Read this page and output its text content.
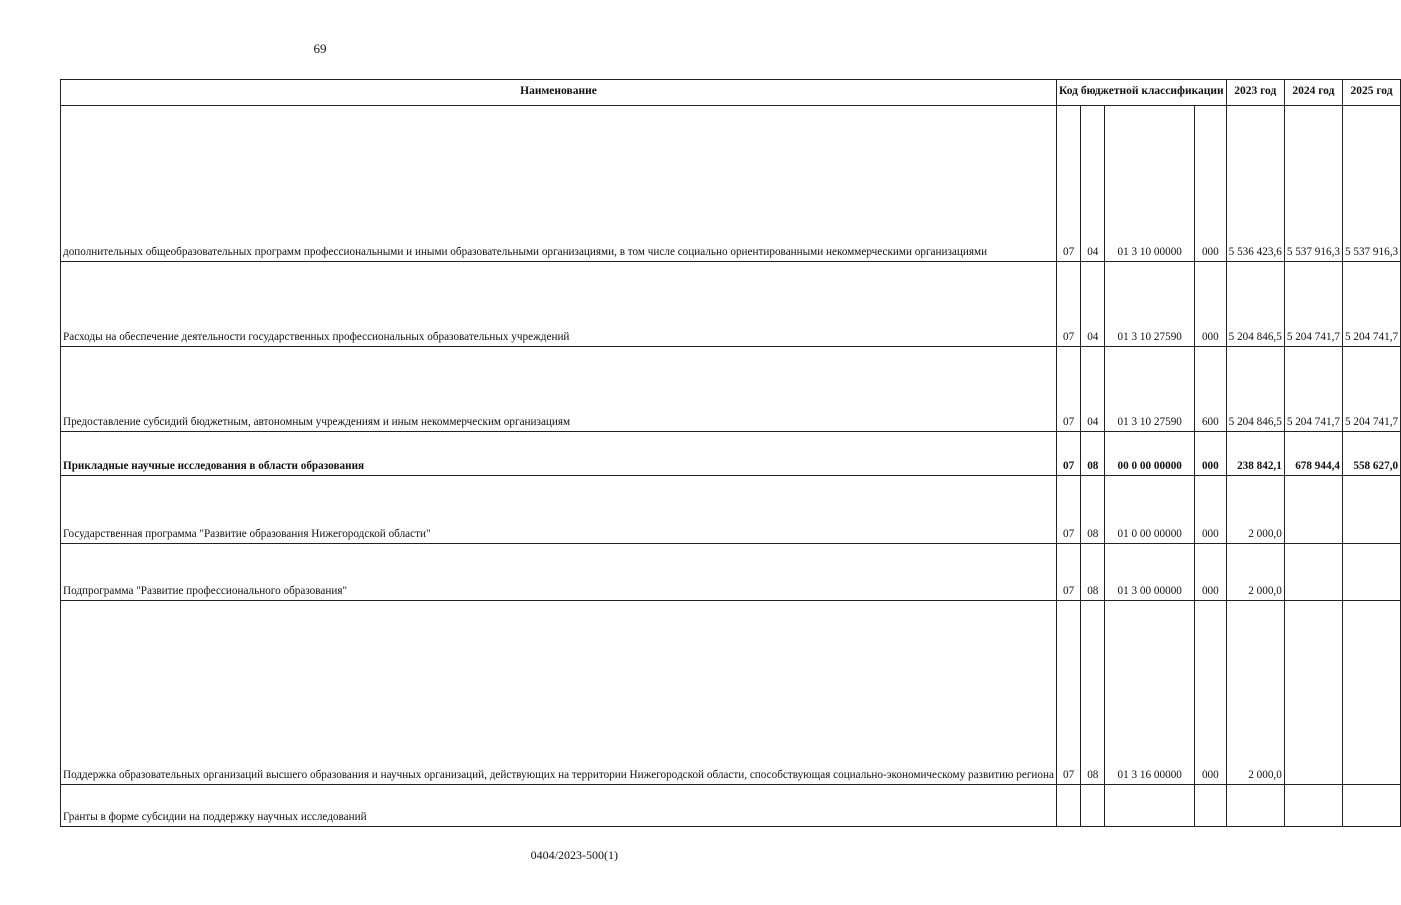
69
Наименование	Код бюджетной классификации				2023 год	2024 год	2025 год
дополнительных общеобразовательных программ профессиональными и иными образовательными организациями, в том числе социально ориентированными некоммерческими организациями	07	04	01 3 10 00000	000	5 536 423,6	5 537 916,3	5 537 916,3
Расходы на обеспечение деятельности государственных профессиональных образовательных учреждений	07	04	01 3 10 27590	000	5 204 846,5	5 204 741,7	5 204 741,7
Предоставление субсидий бюджетным, автономным учреждениям и иным некоммерческим организациям	07	04	01 3 10 27590	600	5 204 846,5	5 204 741,7	5 204 741,7
Прикладные научные исследования в области образования	07	08	00 0 00 00000	000	238 842,1	678 944,4	558 627,0
Государственная программа "Развитие образования Нижегородской области"	07	08	01 0 00 00000	000	2 000,0		
Подпрограмма "Развитие профессионального образования"	07	08	01 3 00 00000	000	2 000,0		
Поддержка образовательных организаций высшего образования и научных организаций, действующих на территории Нижегородской области, способствующая социально-экономическому развитию региона	07	08	01 3 16 00000	000	2 000,0		
Гранты в форме субсидии на поддержку научных исследований							
0404/2023-500(1)
